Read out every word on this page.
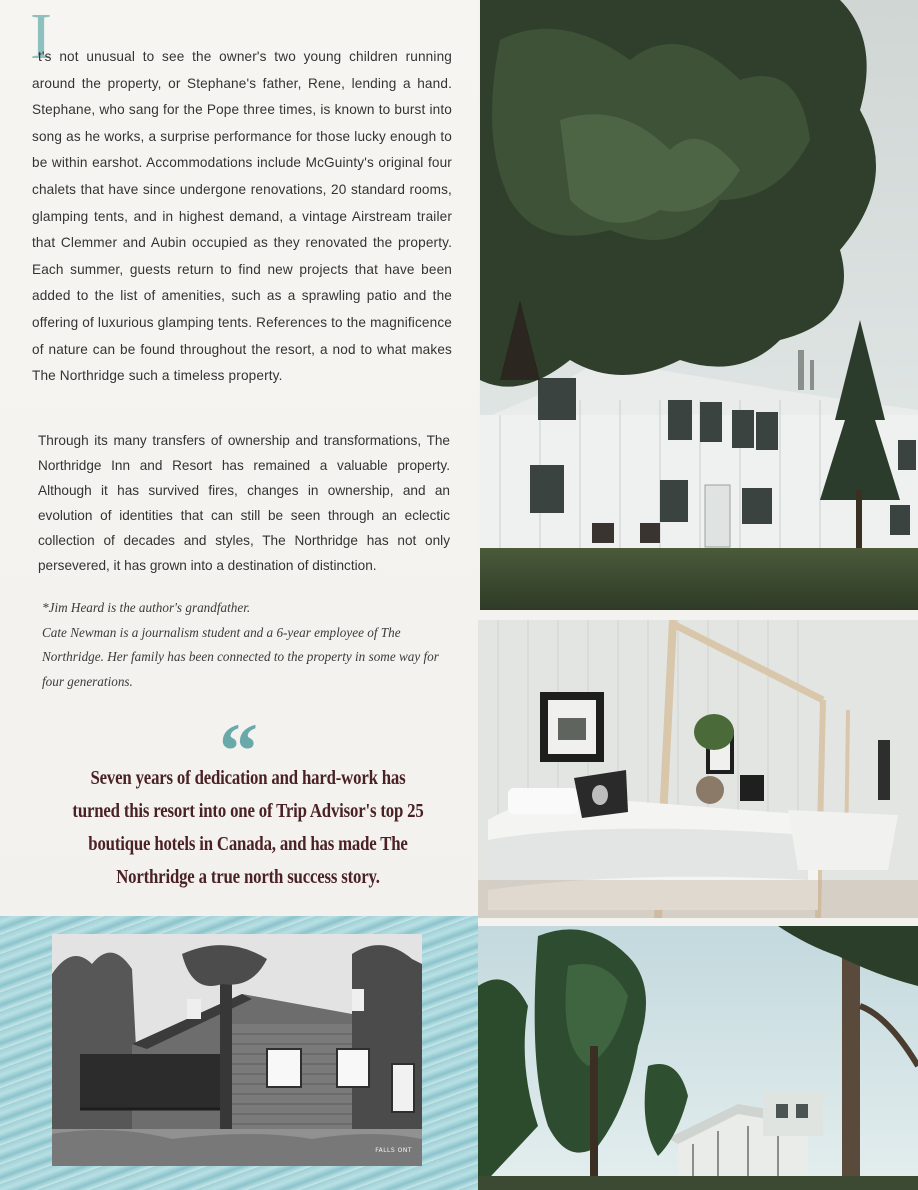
I

t's not unusual to see the owner's two young children running around the property, or Stephane's father, Rene, lending a hand. Stephane, who sang for the Pope three times, is known to burst into song as he works, a surprise performance for those lucky enough to be within earshot. Accommodations include McGuinty's original four chalets that have since undergone renovations, 20 standard rooms, glamping tents, and in highest demand, a vintage Airstream trailer that Clemmer and Aubin occupied as they renovated the property. Each summer, guests return to find new projects that have been added to the list of amenities, such as a sprawling patio and the offering of luxurious glamping tents. References to the magnificence of nature can be found throughout the resort, a nod to what makes The Northridge such a timeless property.

Through its many transfers of ownership and transformations, The Northridge Inn and Resort has remained a valuable property. Although it has survived fires, changes in ownership, and an evolution of identities that can still be seen through an eclectic collection of decades and styles, The Northridge has not only persevered, it has grown into a destination of distinction.

*Jim Heard is the author's grandfather.
Cate Newman is a journalism student and a 6-year employee of The Northridge. Her family has been connected to the property in some way for four generations.
“
Seven years of dedication and hard-work has turned this resort into one of Trip Advisor's top 25 boutique hotels in Canada, and has made The Northridge a true north success story.
FALLS ONT
